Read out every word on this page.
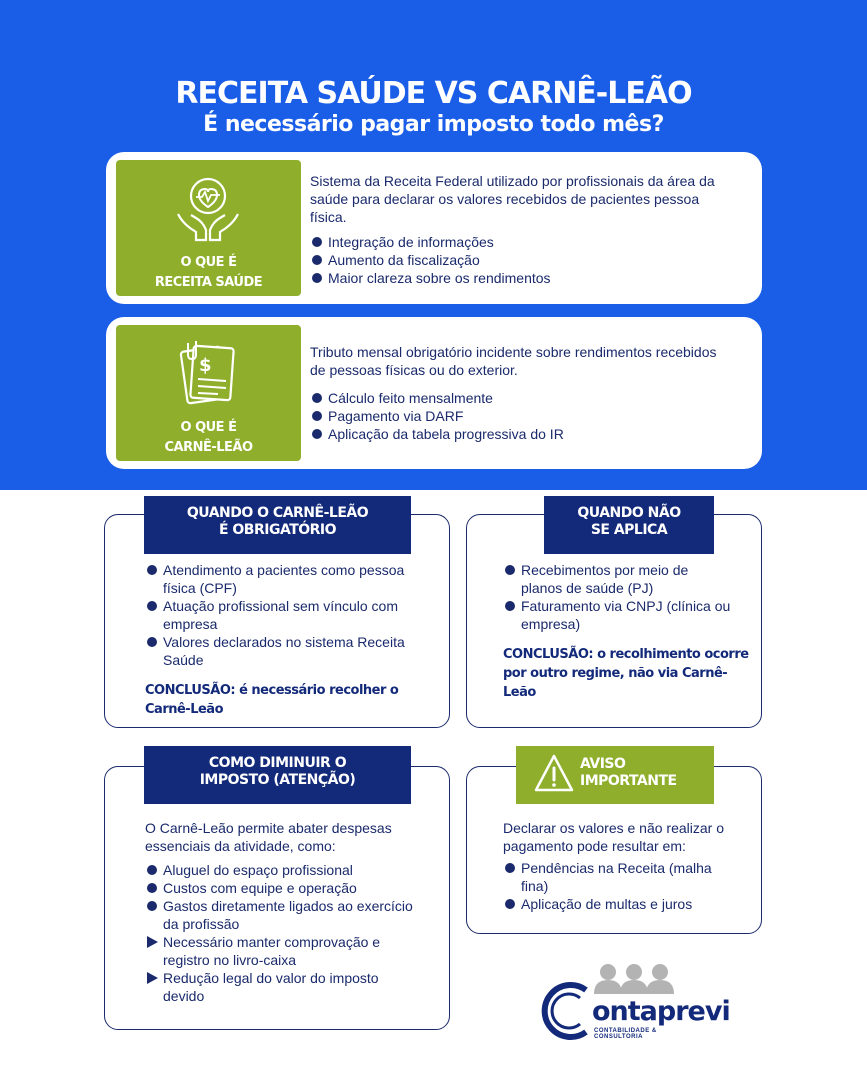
RECEITA SAÚDE VS CARNÊ-LEÃO
É necessário pagar imposto todo mês?
O QUE É
RECEITA SAÚDE
Sistema da Receita Federal utilizado por profissionais da área da saúde para declarar os valores recebidos de pacientes pessoa física.
Integração de informações
Aumento da fiscalização
Maior clareza sobre os rendimentos
$
O QUE É
CARNÊ-LEÃO
Tributo mensal obrigatório incidente sobre rendimentos recebidos de pessoas físicas ou do exterior.
Cálculo feito mensalmente
Pagamento via DARF
Aplicação da tabela progressiva do IR
Atendimento a pacientes como pessoa física (CPF)
Atuação profissional sem vínculo com empresa
Valores declarados no sistema Receita Saúde
CONCLUSÃO: é necessário recolher o Carnê-Leão
QUANDO O CARNÊ-LEÃO
É OBRIGATÓRIO
Recebimentos por meio de planos de saúde (PJ)
Faturamento via CNPJ (clínica ou empresa)
CONCLUSÃO: o recolhimento ocorre por outro regime, não via Carnê-Leão
QUANDO NÃO
SE APLICA
O Carnê-Leão permite abater despesas essenciais da atividade, como:
Aluguel do espaço profissional
Custos com equipe e operação
Gastos diretamente ligados ao exercício da profissão
Necessário manter comprovação e registro no livro-caixa
Redução legal do valor do imposto devido
COMO DIMINUIR O
IMPOSTO (ATENÇÃO)
Declarar os valores e não realizar o pagamento pode resultar em:
Pendências na Receita (malha fina)
Aplicação de multas e juros
AVISO
IMPORTANTE
ontaprevi
CONTABILIDADE & CONSULTORIA
